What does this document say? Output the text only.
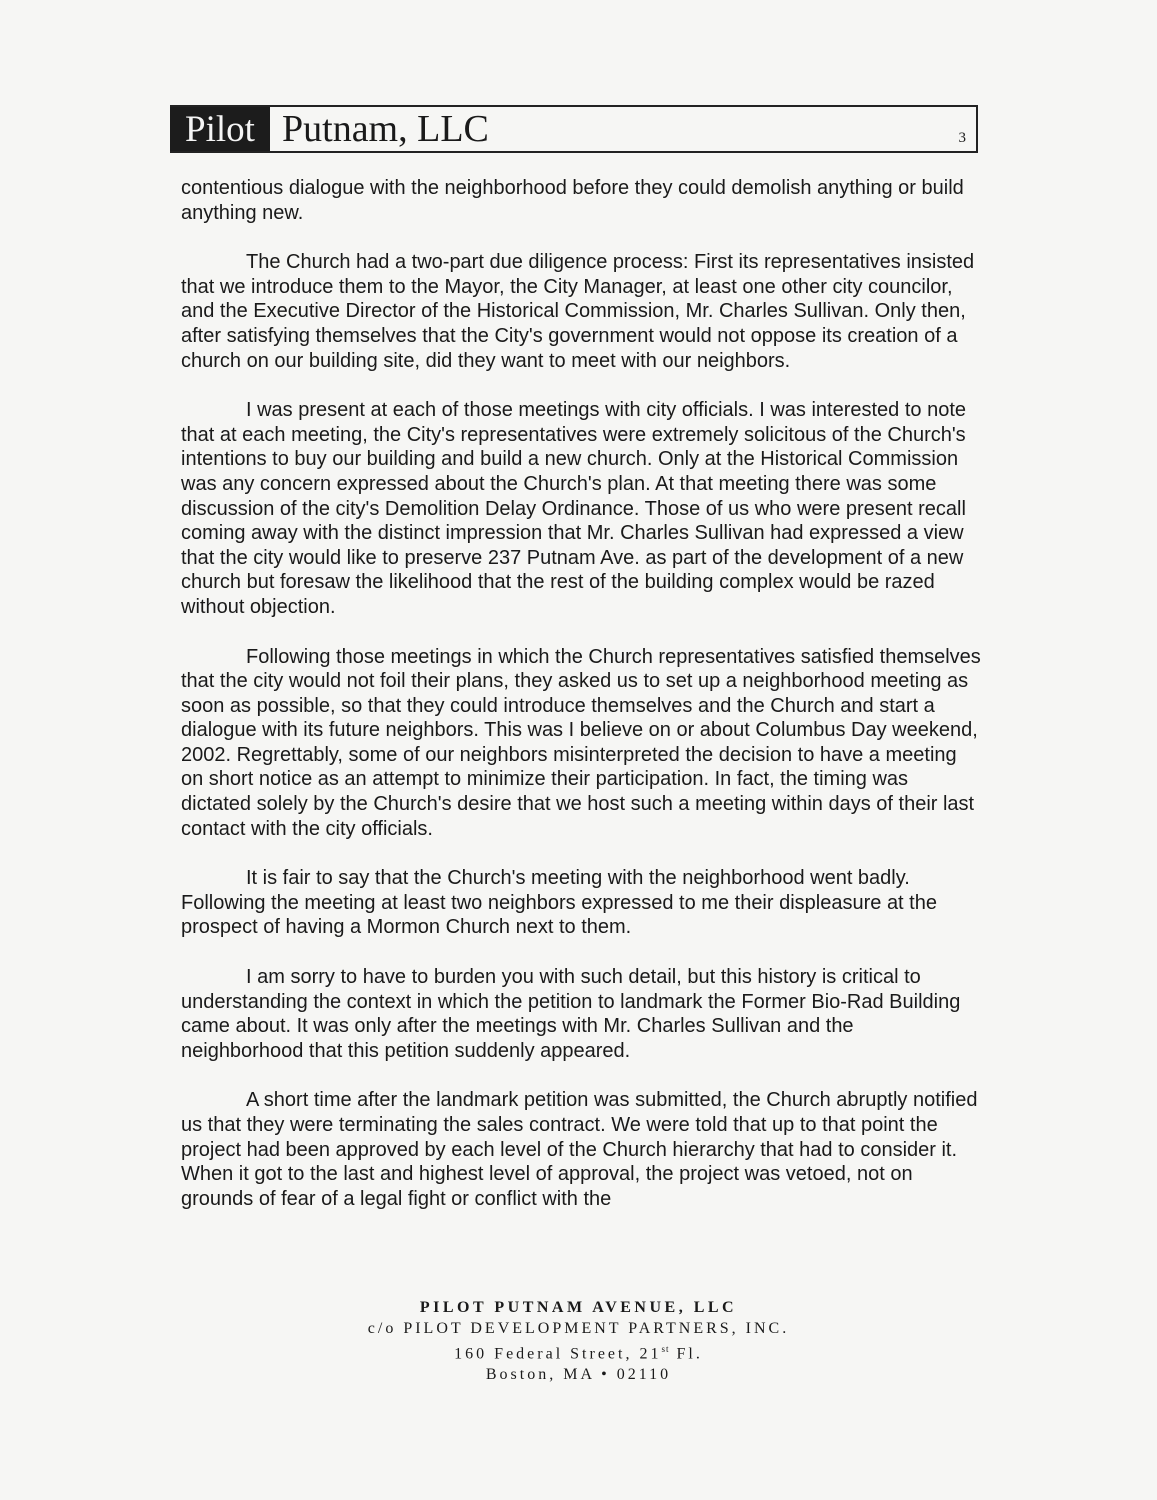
Pilot Putnam, LLC	3

contentious dialogue with the neighborhood before they could demolish anything or build anything new.

The Church had a two-part due diligence process: First its representatives insisted that we introduce them to the Mayor, the City Manager, at least one other city councilor, and the Executive Director of the Historical Commission, Mr. Charles Sullivan. Only then, after satisfying themselves that the City's government would not oppose its creation of a church on our building site, did they want to meet with our neighbors.

I was present at each of those meetings with city officials. I was interested to note that at each meeting, the City's representatives were extremely solicitous of the Church's intentions to buy our building and build a new church. Only at the Historical Commission was any concern expressed about the Church's plan. At that meeting there was some discussion of the city's Demolition Delay Ordinance. Those of us who were present recall coming away with the distinct impression that Mr. Charles Sullivan had expressed a view that the city would like to preserve 237 Putnam Ave. as part of the development of a new church but foresaw the likelihood that the rest of the building complex would be razed without objection.

Following those meetings in which the Church representatives satisfied themselves that the city would not foil their plans, they asked us to set up a neighborhood meeting as soon as possible, so that they could introduce themselves and the Church and start a dialogue with its future neighbors. This was I believe on or about Columbus Day weekend, 2002. Regrettably, some of our neighbors misinterpreted the decision to have a meeting on short notice as an attempt to minimize their participation. In fact, the timing was dictated solely by the Church's desire that we host such a meeting within days of their last contact with the city officials.

It is fair to say that the Church's meeting with the neighborhood went badly. Following the meeting at least two neighbors expressed to me their displeasure at the prospect of having a Mormon Church next to them.

I am sorry to have to burden you with such detail, but this history is critical to understanding the context in which the petition to landmark the Former Bio-Rad Building came about. It was only after the meetings with Mr. Charles Sullivan and the neighborhood that this petition suddenly appeared.

A short time after the landmark petition was submitted, the Church abruptly notified us that they were terminating the sales contract. We were told that up to that point the project had been approved by each level of the Church hierarchy that had to consider it. When it got to the last and highest level of approval, the project was vetoed, not on grounds of fear of a legal fight or conflict with the

PILOT PUTNAM AVENUE, LLC
c/o PILOT DEVELOPMENT PARTNERS, INC.
160 Federal Street, 21st Fl.
Boston, MA • 02110
